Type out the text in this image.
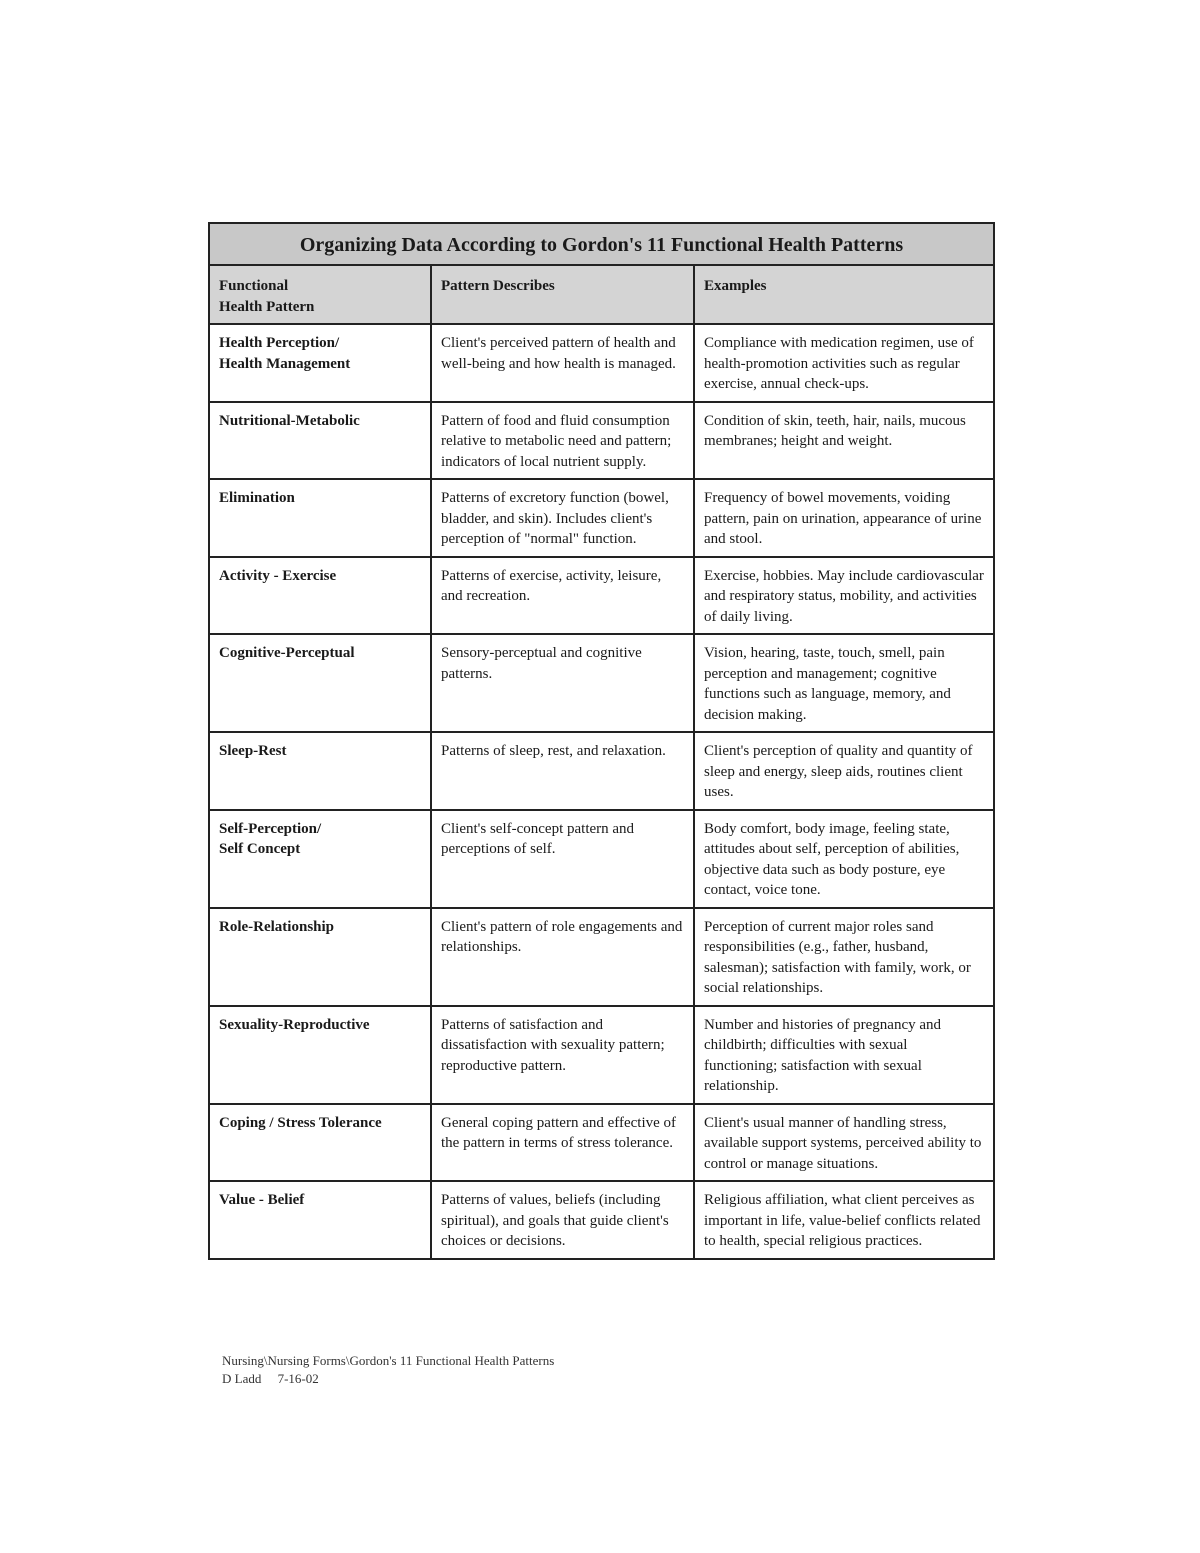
Organizing Data According to Gordon's 11 Functional Health Patterns		

Functional
Health Pattern	Pattern Describes	Examples

Health Perception/
Health Management	Client's perceived pattern of health and well-being and how health is managed.	Compliance with medication regimen, use of health-promotion activities such as regular exercise, annual check-ups.

Nutritional-Metabolic	Pattern of food and fluid consumption relative to metabolic need and pattern; indicators of local nutrient supply.	Condition of skin, teeth, hair, nails, mucous membranes; height and weight.

Elimination	Patterns of excretory function (bowel, bladder, and skin). Includes client's perception of "normal" function.	Frequency of bowel movements, voiding pattern, pain on urination, appearance of urine and stool.

Activity - Exercise	Patterns of exercise, activity, leisure, and recreation.	Exercise, hobbies. May include cardiovascular and respiratory status, mobility, and activities of daily living.

Cognitive-Perceptual	Sensory-perceptual and cognitive patterns.	Vision, hearing, taste, touch, smell, pain perception and management; cognitive functions such as language, memory, and decision making.

Sleep-Rest	Patterns of sleep, rest, and relaxation.	Client's perception of quality and quantity of sleep and energy, sleep aids, routines client uses.

Self-Perception/
Self Concept	Client's self-concept pattern and perceptions of self.	Body comfort, body image, feeling state, attitudes about self, perception of abilities, objective data such as body posture, eye contact, voice tone.

Role-Relationship	Client's pattern of role engagements and relationships.	Perception of current major roles sand responsibilities (e.g., father, husband, salesman); satisfaction with family, work, or social relationships.

Sexuality-Reproductive	Patterns of satisfaction and dissatisfaction with sexuality pattern; reproductive pattern.	Number and histories of pregnancy and childbirth; difficulties with sexual functioning; satisfaction with sexual relationship.

Coping / Stress Tolerance	General coping pattern and effective of the pattern in terms of stress tolerance.	Client's usual manner of handling stress, available support systems, perceived ability to control or manage situations.

Value - Belief	Patterns of values, beliefs (including spiritual), and goals that guide client's choices or decisions.	Religious affiliation, what client perceives as important in life, value-belief conflicts related to health, special religious practices.
Nursing\Nursing Forms\Gordon's 11 Functional Health Patterns
D Ladd     7-16-02
